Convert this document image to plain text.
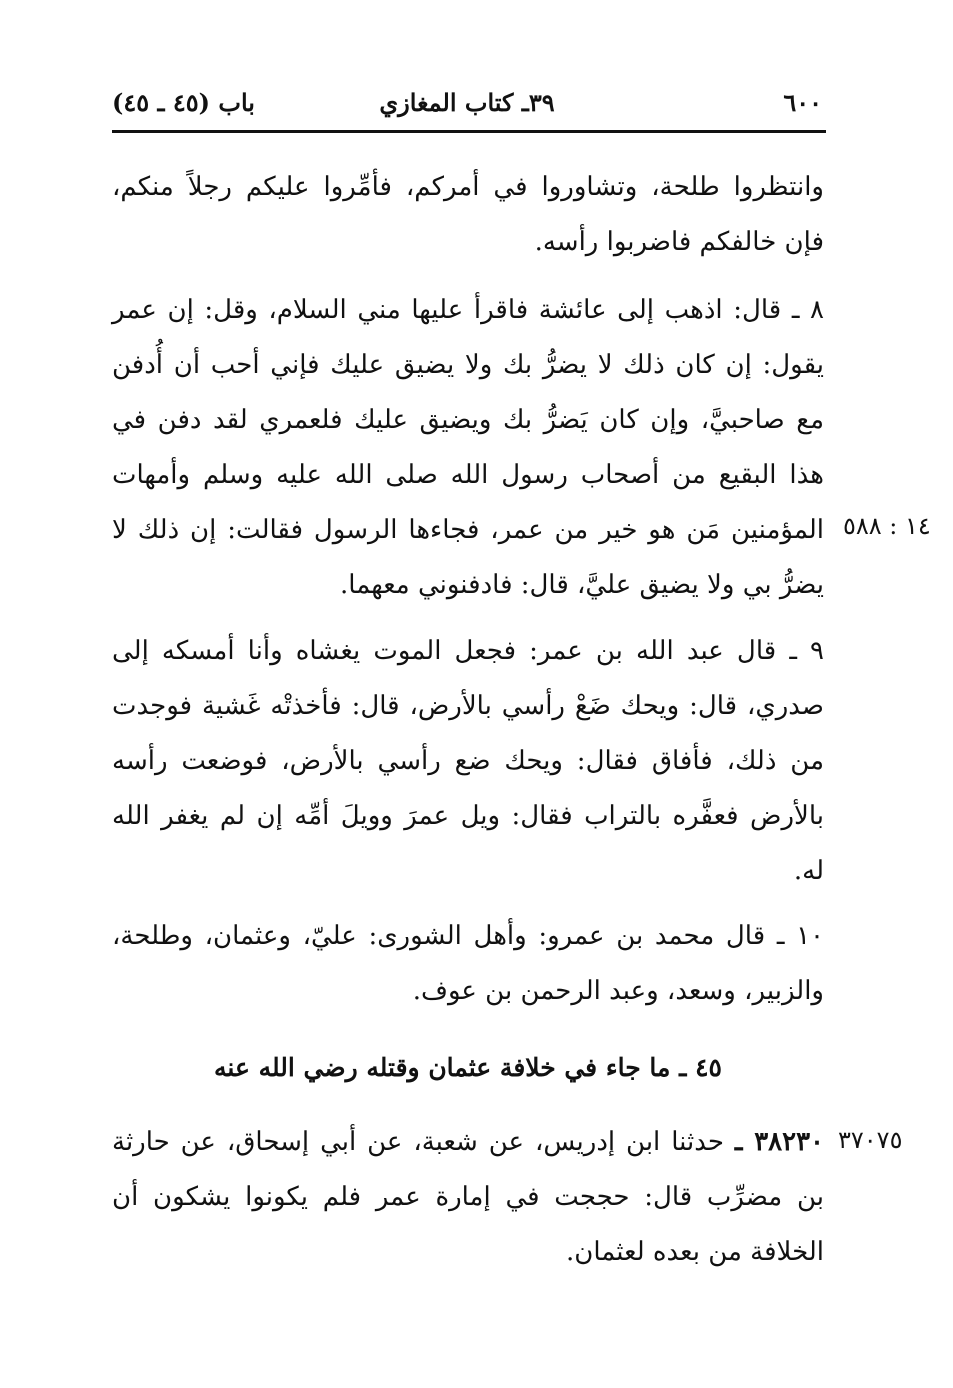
٦٠٠
٣٩ـ كتاب المغازي
باب (٤٥ ـ ٤٥)
وانتظروا طلحة، وتشاوروا في أمركم، فأمِّروا عليكم رجلاً منكم، فإن خالفكم فاضربوا رأسه.
٨ ـ قال: اذهب إلى عائشة فاقرأ عليها مني السلام، وقل: إن عمر يقول: إن كان ذلك لا يضرُّ بك ولا يضيق عليك فإني أحب أن أُدفن مع صاحبيَّ، وإن كان يَضرُّ بك ويضيق عليك فلعمري لقد دفن في هذا البقيع من أصحاب رسول الله صلى الله عليه وسلم وأمهات المؤمنين مَن هو خير من عمر، فجاءها الرسول فقالت: إن ذلك لا يضرُّ بي ولا يضيق عليَّ، قال: فادفنوني معهما.
١٤ : ٥٨٨
٩ ـ قال عبد الله بن عمر: فجعل الموت يغشاه وأنا أمسكه إلى صدري، قال: ويحك ضَعْ رأسي بالأرض، قال: فأخذتْه غَشية فوجدت من ذلك، فأفاق فقال: ويحك ضع رأسي بالأرض، فوضعت رأسه بالأرض فعفَّره بالتراب فقال: ويل عمرَ وويلَ أمِّه إن لم يغفر الله له.
١٠ ـ قال محمد بن عمرو: وأهل الشورى: عليّ، وعثمان، وطلحة، والزبير، وسعد، وعبد الرحمن بن عوف.
٤٥ ـ ما جاء في خلافة عثمان وقتله رضي الله عنه
٣٧٠٧٥
٣٨٢٣٠ ـ حدثنا ابن إدريس، عن شعبة، عن أبي إسحاق، عن حارثة بن مضرِّب قال: حججت في إمارة عمر فلم يكونوا يشكون أن الخلافة من بعده لعثمان.
